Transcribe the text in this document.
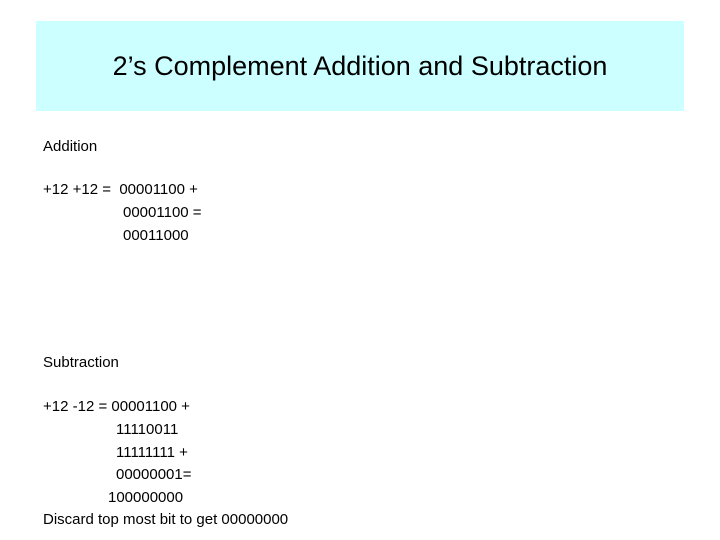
2’s Complement Addition and Subtraction
Addition
+12 +12 =  00001100 +
00001100 =
00011000
Subtraction
+12 -12 = 00001100 +
11110011
11111111 +
00000001=
100000000
Discard top most bit to get 00000000
